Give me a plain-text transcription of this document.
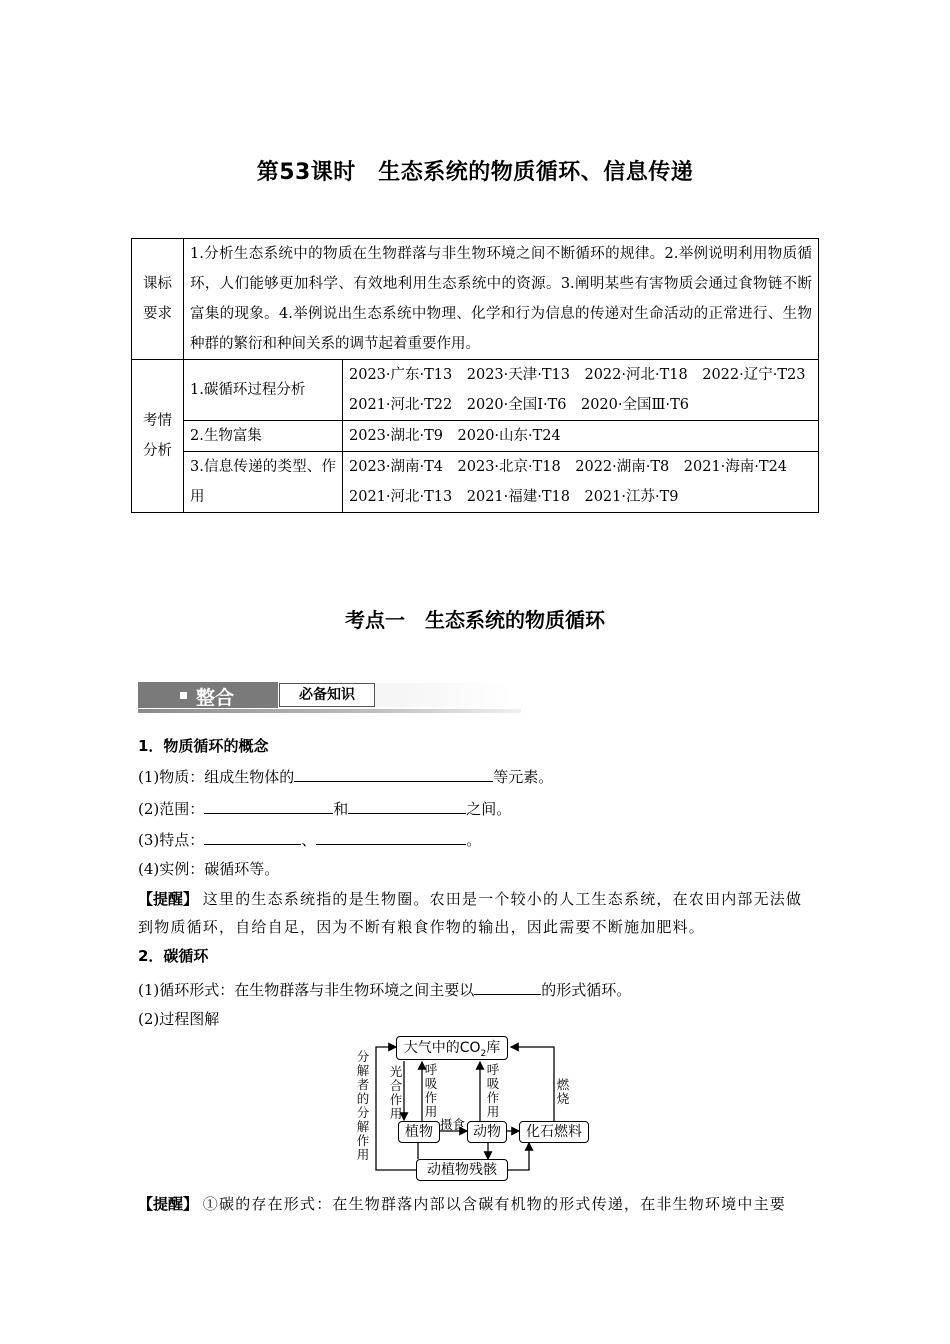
第53课时　生态系统的物质循环、信息传递
课标要求	1.分析生态系统中的物质在生物群落与非生物环境之间不断循环的规律。2.举例说明利用物质循环，人们能够更加科学、有效地利用生态系统中的资源。3.阐明某些有害物质会通过食物链不断富集的现象。4.举例说出生态系统中物理、化学和行为信息的传递对生命活动的正常进行、生物种群的繁衍和种间关系的调节起着重要作用。	
考情分析	1.碳循环过程分析	2023·广东·T13　2023·天津·T13　2022·河北·T18　2022·辽宁·T23
2021·河北·T22　2020·全国Ⅰ·T6　2020·全国Ⅲ·T6

	2.生物富集	2023·湖北·T9　2020·山东·T24

	3.信息传递的类型、作用	2023·湖南·T4　2023·北京·T18　2022·湖南·T8　2021·海南·T24
2021·河北·T13　2021·福建·T18　2021·江苏·T9
考点一　生态系统的物质循环
整合	必备知识
1．物质循环的概念
(1)物质：组成生物体的	等元素。
(2)范围：	和	之间。
(3)特点：	、	。
(4)实例：碳循环等。
【提醒】 这里的生态系统指的是生物圈。农田是一个较小的人工生态系统，在农田内部无法做到物质循环，自给自足，因为不断有粮食作物的输出，因此需要不断施加肥料。
2．碳循环
(1)循环形式：在生物群落与非生物环境之间主要以	的形式循环。
(2)过程图解
大气中的$CO_2$库
植物	动物	化石燃料
动植物残骸
分解者的分解作用
光合作用
呼吸作用
呼吸作用
摄食
燃烧
【提醒】 ①碳的存在形式：在生物群落内部以含碳有机物的形式传递，在非生物环境中主要
